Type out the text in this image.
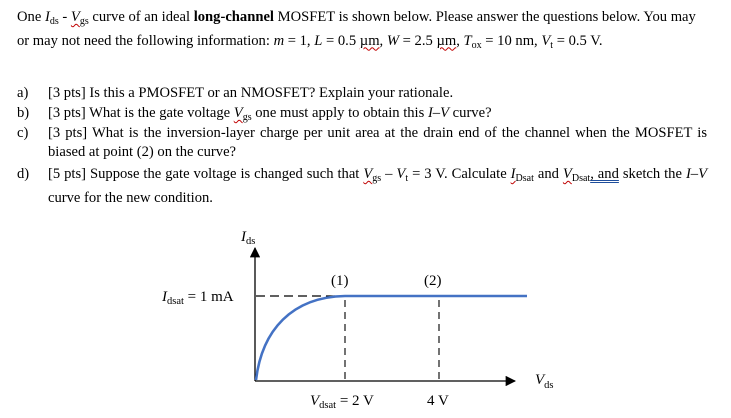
One $I_{ds} - V_{gs}$ curve of an ideal long-channel MOSFET is shown below. Please answer the questions below. You may or may not need the following information: m = 1, L = 0.5 µm, W = 2.5 µm, $T_{ox} = 10$ nm, $V_t = 0.5$ V.
a) [3 pts] Is this a PMOSFET or an NMOSFET? Explain your rationale.
b) [3 pts] What is the gate voltage $V_{gs}$ one must apply to obtain this I–V curve?
c) [3 pts] What is the inversion-layer charge per unit area at the drain end of the channel when the MOSFET is biased at point (2) on the curve?
d) [5 pts] Suppose the gate voltage is changed such that $V_{gs} - V_t = 3$ V. Calculate $I_{Dsat}$ and $V_{Dsat}$, and sketch the I–V curve for the new condition.
$I_{ds}$
$V_{ds}$
$I_{dsat} = 1$ mA
(1)	(2)
$V_{dsat} = 2$ V	4 V
